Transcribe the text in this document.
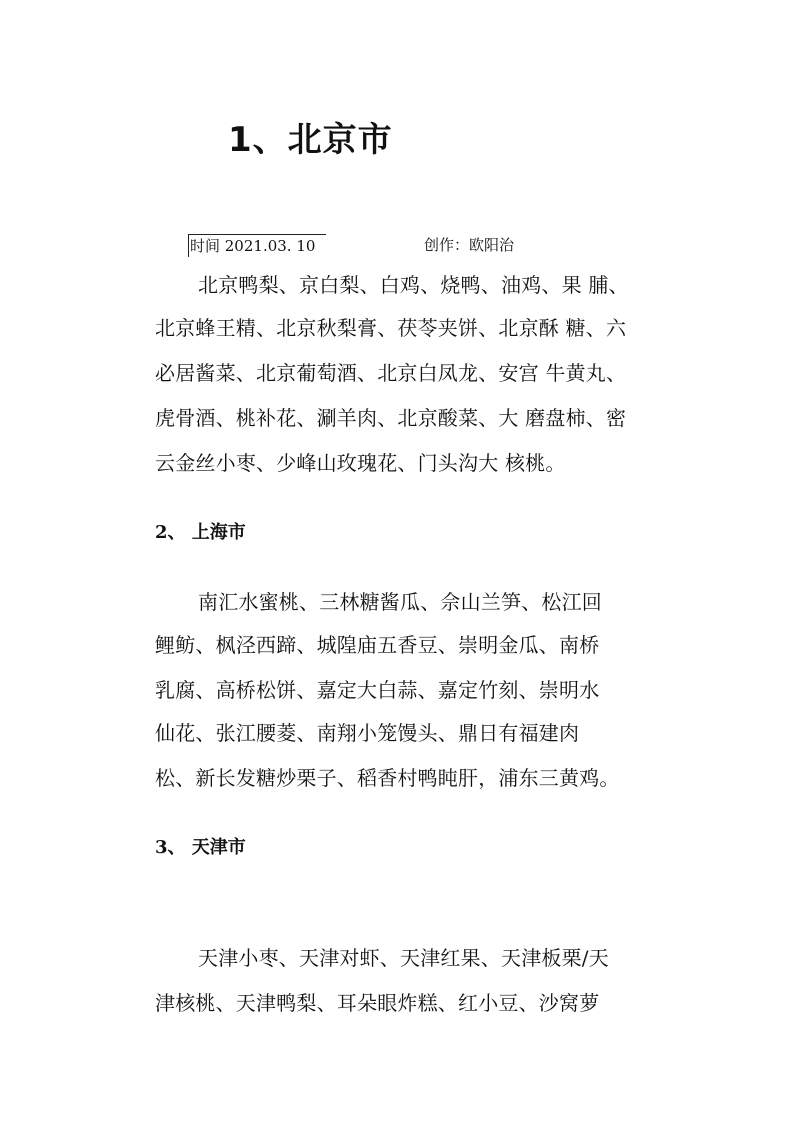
1、北京市
时间 2021.03. 10	创作：欧阳治

北京鸭梨、京白梨、白鸡、烧鸭、油鸡、果 脯、

北京蜂王精、北京秋梨膏、茯苓夹饼、北京酥 糖、六

必居酱菜、北京葡萄酒、北京白凤龙、安宫 牛黄丸、

虎骨酒、桃补花、涮羊肉、北京酸菜、大 磨盘柿、密

云金丝小枣、少峰山玫瑰花、门头沟大 核桃。

2、 上海市

南汇水蜜桃、三林糖酱瓜、佘山兰笋、松江回

鲤鲂、枫泾西蹄、城隍庙五香豆、崇明金瓜、南桥

乳腐、高桥松饼、嘉定大白蒜、嘉定竹刻、崇明水

仙花、张江腰菱、南翔小笼馒头、鼎日有福建肉

松、新长发糖炒栗子、稻香村鸭盹肝，浦东三黄鸡。

3、 天津市

天津小枣、天津对虾、天津红果、天津板栗/天

津核桃、天津鸭梨、耳朵眼炸糕、红小豆、沙窝萝
